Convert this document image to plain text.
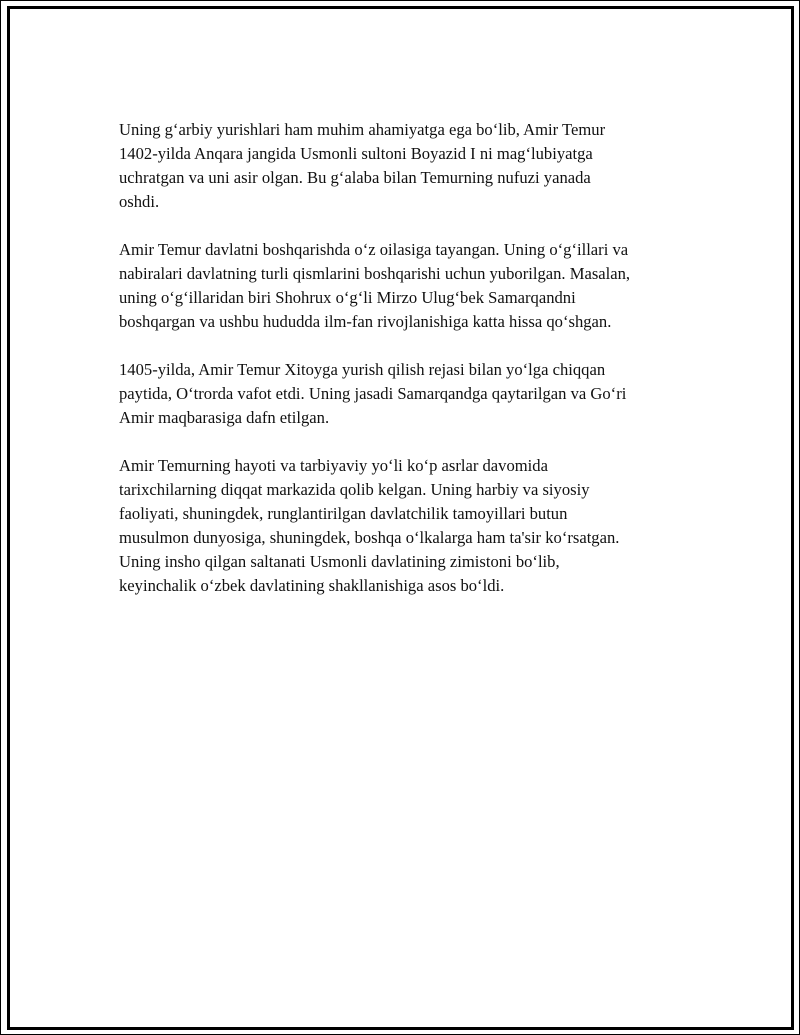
Uning g‘arbiy yurishlari ham muhim ahamiyatga ega bo‘lib, Amir Temur
1402-yilda Anqara jangida Usmonli sultoni Boyazid I ni mag‘lubiyatga
uchratgan va uni asir olgan. Bu g‘alaba bilan Temurning nufuzi yanada
oshdi.

Amir Temur davlatni boshqarishda o‘z oilasiga tayangan. Uning o‘g‘illari va
nabiralari davlatning turli qismlarini boshqarishi uchun yuborilgan. Masalan,
uning o‘g‘illaridan biri Shohrux o‘g‘li Mirzo Ulug‘bek Samarqandni
boshqargan va ushbu hududda ilm-fan rivojlanishiga katta hissa qo‘shgan.

1405-yilda, Amir Temur Xitoyga yurish qilish rejasi bilan yo‘lga chiqqan
paytida, O‘trorda vafot etdi. Uning jasadi Samarqandga qaytarilgan va Go‘ri
Amir maqbarasiga dafn etilgan.

Amir Temurning hayoti va tarbiyaviy yo‘li ko‘p asrlar davomida
tarixchilarning diqqat markazida qolib kelgan. Uning harbiy va siyosiy
faoliyati, shuningdek, runglantirilgan davlatchilik tamoyillari butun
musulmon dunyosiga, shuningdek, boshqa o‘lkalarga ham ta'sir ko‘rsatgan.
Uning insho qilgan saltanati Usmonli davlatining zimistoni bo‘lib,
keyinchalik o‘zbek davlatining shakllanishiga asos bo‘ldi.
